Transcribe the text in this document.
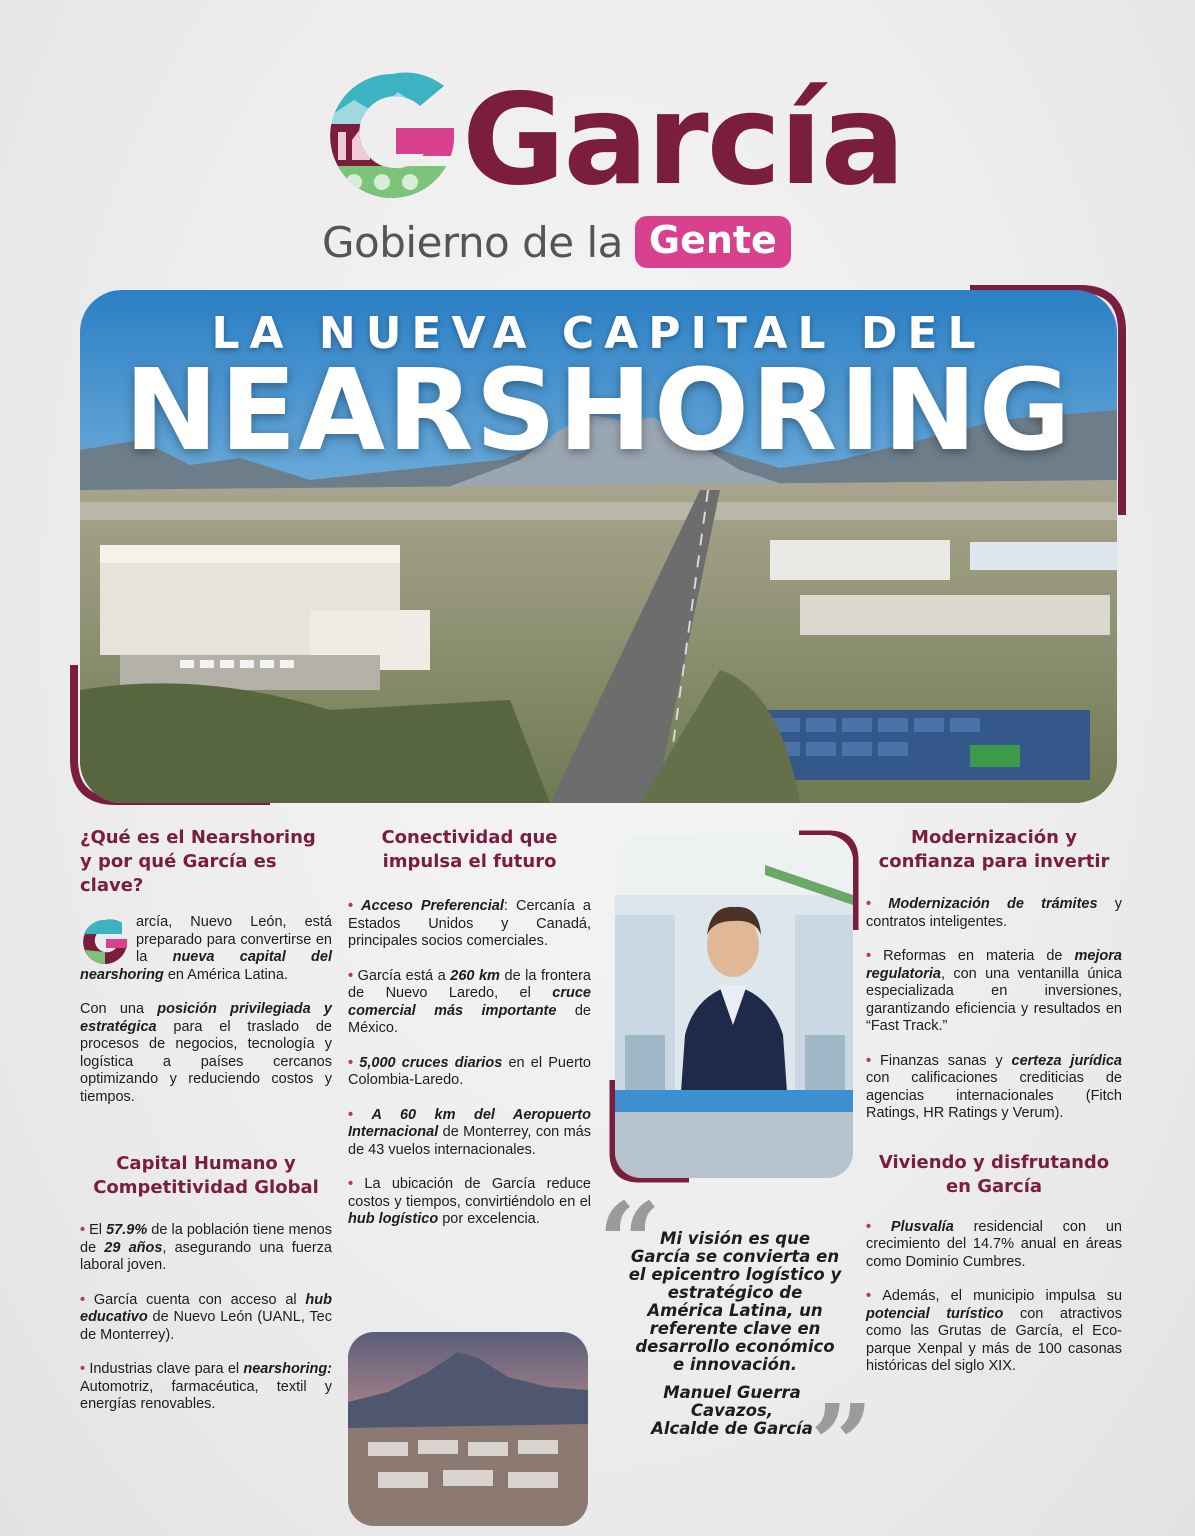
García
Gobierno de la Gente
LA NUEVA CAPITAL DEL
NEARSHORING
¿Qué es el Nearshoring y por qué García es clave?

arcía, Nuevo León, está preparado para convertirse en la nueva capital del nearshoring en América Latina.

Con una posición privilegiada y estratégica para el traslado de procesos de negocios, tecnología y logística a países cercanos optimizando y reduciendo costos y tiempos.

Capital Humano y Competitividad Global

• El 57.9% de la población tiene menos de 29 años, asegurando una fuerza laboral joven.

• García cuenta con acceso al hub educativo de Nuevo León (UANL, Tec de Monterrey).

• Industrias clave para el nearshoring: Automotriz, farmacéutica, textil y energías renovables.

Conectividad que impulsa el futuro

• Acceso Preferencial: Cercanía a Estados Unidos y Canadá, principales socios comerciales.

• García está a 260 km de la frontera de Nuevo Laredo, el cruce comercial más importante de México.

• 5,000 cruces diarios en el Puerto Colombia-Laredo.

• A 60 km del Aeropuerto Internacional de Monterrey, con más de 43 vuelos internacionales.

• La ubicación de García reduce costos y tiempos, convirtiéndolo en el hub logístico por excelencia. “
Mi visión es que García se convierta en el epicentro logístico y estratégico de América Latina, un referente clave en desarrollo económico e innovación.
Manuel Guerra Cavazos,
Alcalde de García
”
Modernización y confianza para invertir

• Modernización de trámites y contratos inteligentes.

• Reformas en materia de mejora regulatoria, con una ventanilla única especializada en inversiones, garantizando eficiencia y resultados en “Fast Track.”

• Finanzas sanas y certeza jurídica con calificaciones crediticias de agencias internacionales (Fitch Ratings, HR Ratings y Verum).

Viviendo y disfrutando en García

• Plusvalía residencial con un crecimiento del 14.7% anual en áreas como Dominio Cumbres.

• Además, el municipio impulsa su potencial turístico con atractivos como las Grutas de García, el Eco-parque Xenpal y más de 100 casonas históricas del siglo XIX.
